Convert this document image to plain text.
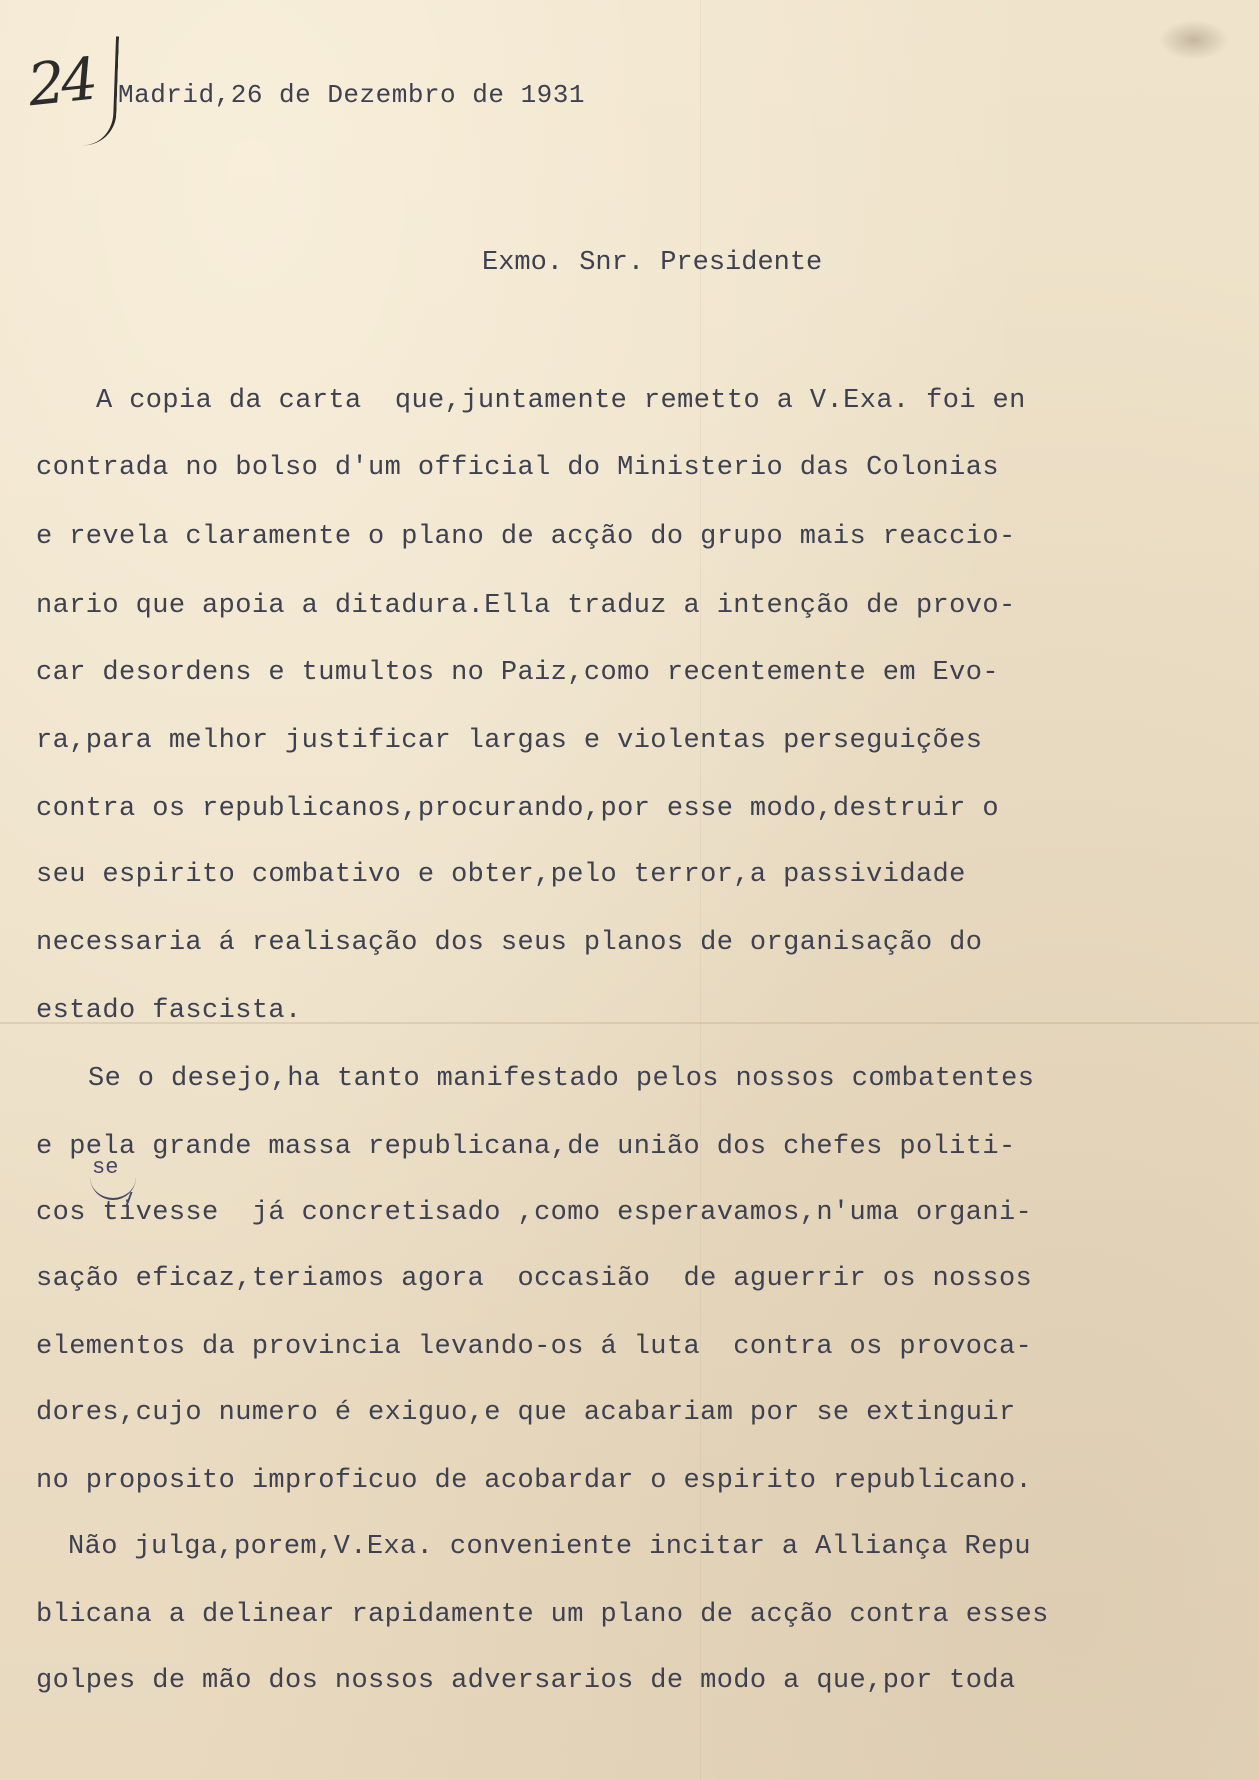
24 Madrid,26 de Dezembro de 1931
Exmo. Snr. Presidente
A copia da carta  que,juntamente remetto a V.Exa. foi en
contrada no bolso d'um official do Ministerio das Colonias
e revela claramente o plano de acção do grupo mais reaccio-
nario que apoia a ditadura.Ella traduz a intenção de provo-
car desordens e tumultos no Paiz,como recentemente em Evo-
ra,para melhor justificar largas e violentas perseguições
contra os republicanos,procurando,por esse modo,destruir o
seu espirito combativo e obter,pelo terror,a passividade
necessaria á realisação dos seus planos de organisação do
estado fascista.
Se o desejo,ha tanto manifestado pelos nossos combatentes
e pela grande massa republicana,de união dos chefes politi-
cos tivesse  já concretisado ,como esperavamos,n'uma organi-
sação eficaz,teriamos agora  occasião  de aguerrir os nossos
elementos da provincia levando-os á luta  contra os provoca-
dores,cujo numero é exiguo,e que acabariam por se extinguir
no proposito improficuo de acobardar o espirito republicano.
Não julga,porem,V.Exa. conveniente incitar a Alliança Repu
blicana a delinear rapidamente um plano de acção contra esses
golpes de mão dos nossos adversarios de modo a que,por toda
se
